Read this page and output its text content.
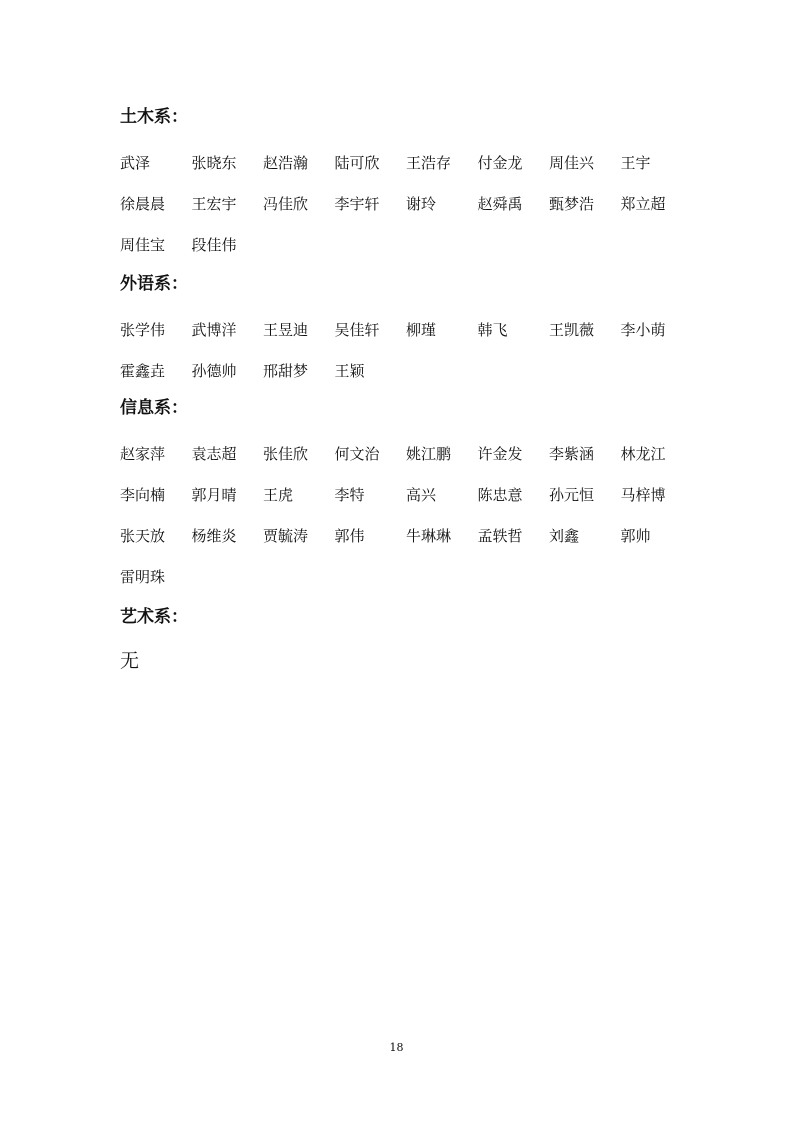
土木系：
武泽	张晓东	赵浩瀚	陆可欣	王浩存	付金龙	周佳兴	王宇
徐晨晨	王宏宇	冯佳欣	李宇轩	谢玲	赵舜禹	甄梦浩	郑立超
周佳宝	段佳伟
外语系：
张学伟	武博洋	王昱迪	吴佳轩	柳瑾	韩飞	王凯薇	李小萌
霍鑫垚	孙德帅	邢甜梦	王颖
信息系：
赵家萍	袁志超	张佳欣	何文治	姚江鹏	许金发	李紫涵	林龙江
李向楠	郭月晴	王虎	李特	高兴	陈忠意	孙元恒	马梓博
张天放	杨维炎	贾毓涛	郭伟	牛琳琳	孟轶哲	刘鑫	郭帅
雷明珠
艺术系：
无
18
